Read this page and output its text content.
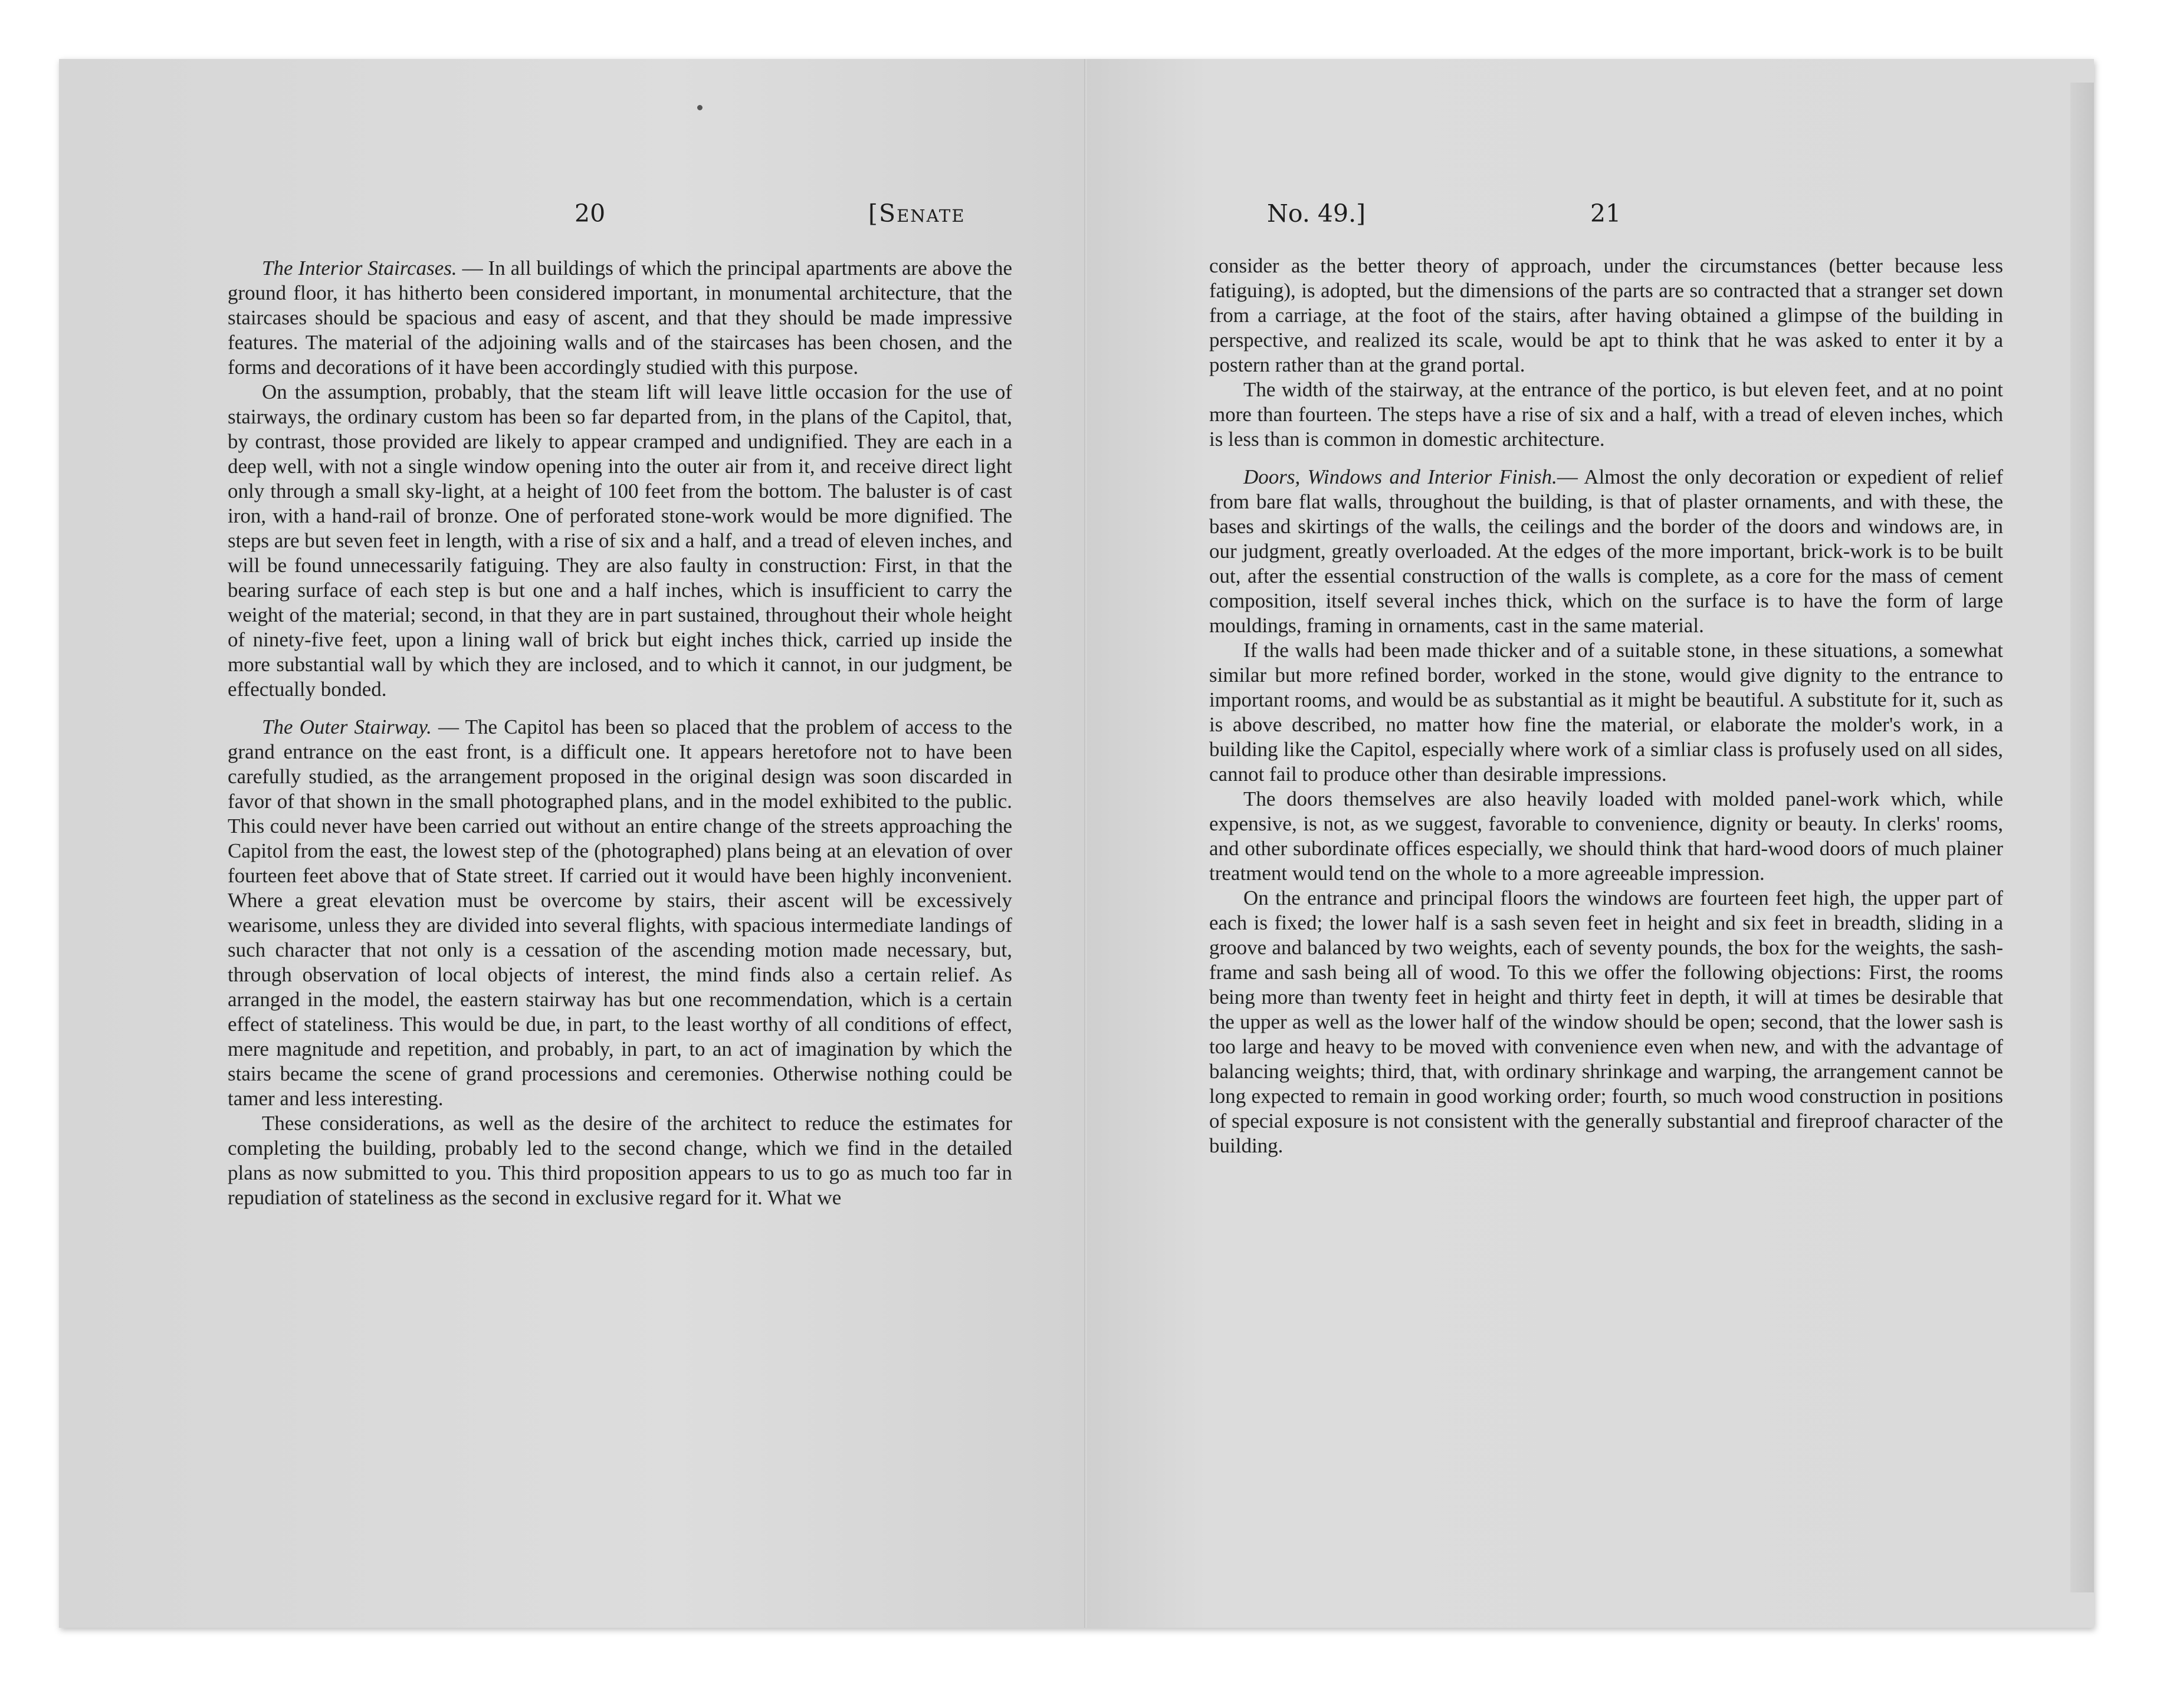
20	[Senate

The Interior Staircases. — In all buildings of which the principal apartments are above the ground floor, it has hitherto been considered important, in monumental architecture, that the staircases should be spacious and easy of ascent, and that they should be made impressive features. The material of the adjoining walls and of the staircases has been chosen, and the forms and decorations of it have been accordingly studied with this purpose.

On the assumption, probably, that the steam lift will leave little occasion for the use of stairways, the ordinary custom has been so far departed from, in the plans of the Capitol, that, by contrast, those provided are likely to appear cramped and undignified. They are each in a deep well, with not a single window opening into the outer air from it, and receive direct light only through a small sky-light, at a height of 100 feet from the bottom. The baluster is of cast iron, with a hand-rail of bronze. One of perforated stone-work would be more dignified. The steps are but seven feet in length, with a rise of six and a half, and a tread of eleven inches, and will be found unnecessarily fatiguing. They are also faulty in construction: First, in that the bearing surface of each step is but one and a half inches, which is insufficient to carry the weight of the material; second, in that they are in part sustained, throughout their whole height of ninety-five feet, upon a lining wall of brick but eight inches thick, carried up inside the more substantial wall by which they are inclosed, and to which it cannot, in our judgment, be effectually bonded.

The Outer Stairway. — The Capitol has been so placed that the problem of access to the grand entrance on the east front, is a difficult one. It appears heretofore not to have been carefully studied, as the arrangement proposed in the original design was soon discarded in favor of that shown in the small photographed plans, and in the model exhibited to the public. This could never have been carried out without an entire change of the streets approaching the Capitol from the east, the lowest step of the (photographed) plans being at an elevation of over fourteen feet above that of State street. If carried out it would have been highly inconvenient. Where a great elevation must be overcome by stairs, their ascent will be excessively wearisome, unless they are divided into several flights, with spacious intermediate landings of such character that not only is a cessation of the ascending motion made necessary, but, through observation of local objects of interest, the mind finds also a certain relief. As arranged in the model, the eastern stairway has but one recommendation, which is a certain effect of stateliness. This would be due, in part, to the least worthy of all conditions of effect, mere magnitude and repetition, and probably, in part, to an act of imagination by which the stairs became the scene of grand processions and ceremonies. Otherwise nothing could be tamer and less interesting.

These considerations, as well as the desire of the architect to reduce the estimates for completing the building, probably led to the second change, which we find in the detailed plans as now submitted to you. This third proposition appears to us to go as much too far in repudiation of stateliness as the second in exclusive regard for it. What we

No. 49.]	21

consider as the better theory of approach, under the circumstances (better because less fatiguing), is adopted, but the dimensions of the parts are so contracted that a stranger set down from a carriage, at the foot of the stairs, after having obtained a glimpse of the building in perspective, and realized its scale, would be apt to think that he was asked to enter it by a postern rather than at the grand portal.

The width of the stairway, at the entrance of the portico, is but eleven feet, and at no point more than fourteen. The steps have a rise of six and a half, with a tread of eleven inches, which is less than is common in domestic architecture.

Doors, Windows and Interior Finish.— Almost the only decoration or expedient of relief from bare flat walls, throughout the building, is that of plaster ornaments, and with these, the bases and skirtings of the walls, the ceilings and the border of the doors and windows are, in our judgment, greatly overloaded. At the edges of the more important, brick-work is to be built out, after the essential construction of the walls is complete, as a core for the mass of cement composition, itself several inches thick, which on the surface is to have the form of large mouldings, framing in ornaments, cast in the same material.

If the walls had been made thicker and of a suitable stone, in these situations, a somewhat similar but more refined border, worked in the stone, would give dignity to the entrance to important rooms, and would be as substantial as it might be beautiful. A substitute for it, such as is above described, no matter how fine the material, or elaborate the molder's work, in a building like the Capitol, especially where work of a simliar class is profusely used on all sides, cannot fail to produce other than desirable impressions.

The doors themselves are also heavily loaded with molded panel-work which, while expensive, is not, as we suggest, favorable to convenience, dignity or beauty. In clerks' rooms, and other subordinate offices especially, we should think that hard-wood doors of much plainer treatment would tend on the whole to a more agreeable impression.

On the entrance and principal floors the windows are fourteen feet high, the upper part of each is fixed; the lower half is a sash seven feet in height and six feet in breadth, sliding in a groove and balanced by two weights, each of seventy pounds, the box for the weights, the sash-frame and sash being all of wood. To this we offer the following objections: First, the rooms being more than twenty feet in height and thirty feet in depth, it will at times be desirable that the upper as well as the lower half of the window should be open; second, that the lower sash is too large and heavy to be moved with convenience even when new, and with the advantage of balancing weights; third, that, with ordinary shrinkage and warping, the arrangement cannot be long expected to remain in good working order; fourth, so much wood construction in positions of special exposure is not consistent with the generally substantial and fireproof character of the building.
